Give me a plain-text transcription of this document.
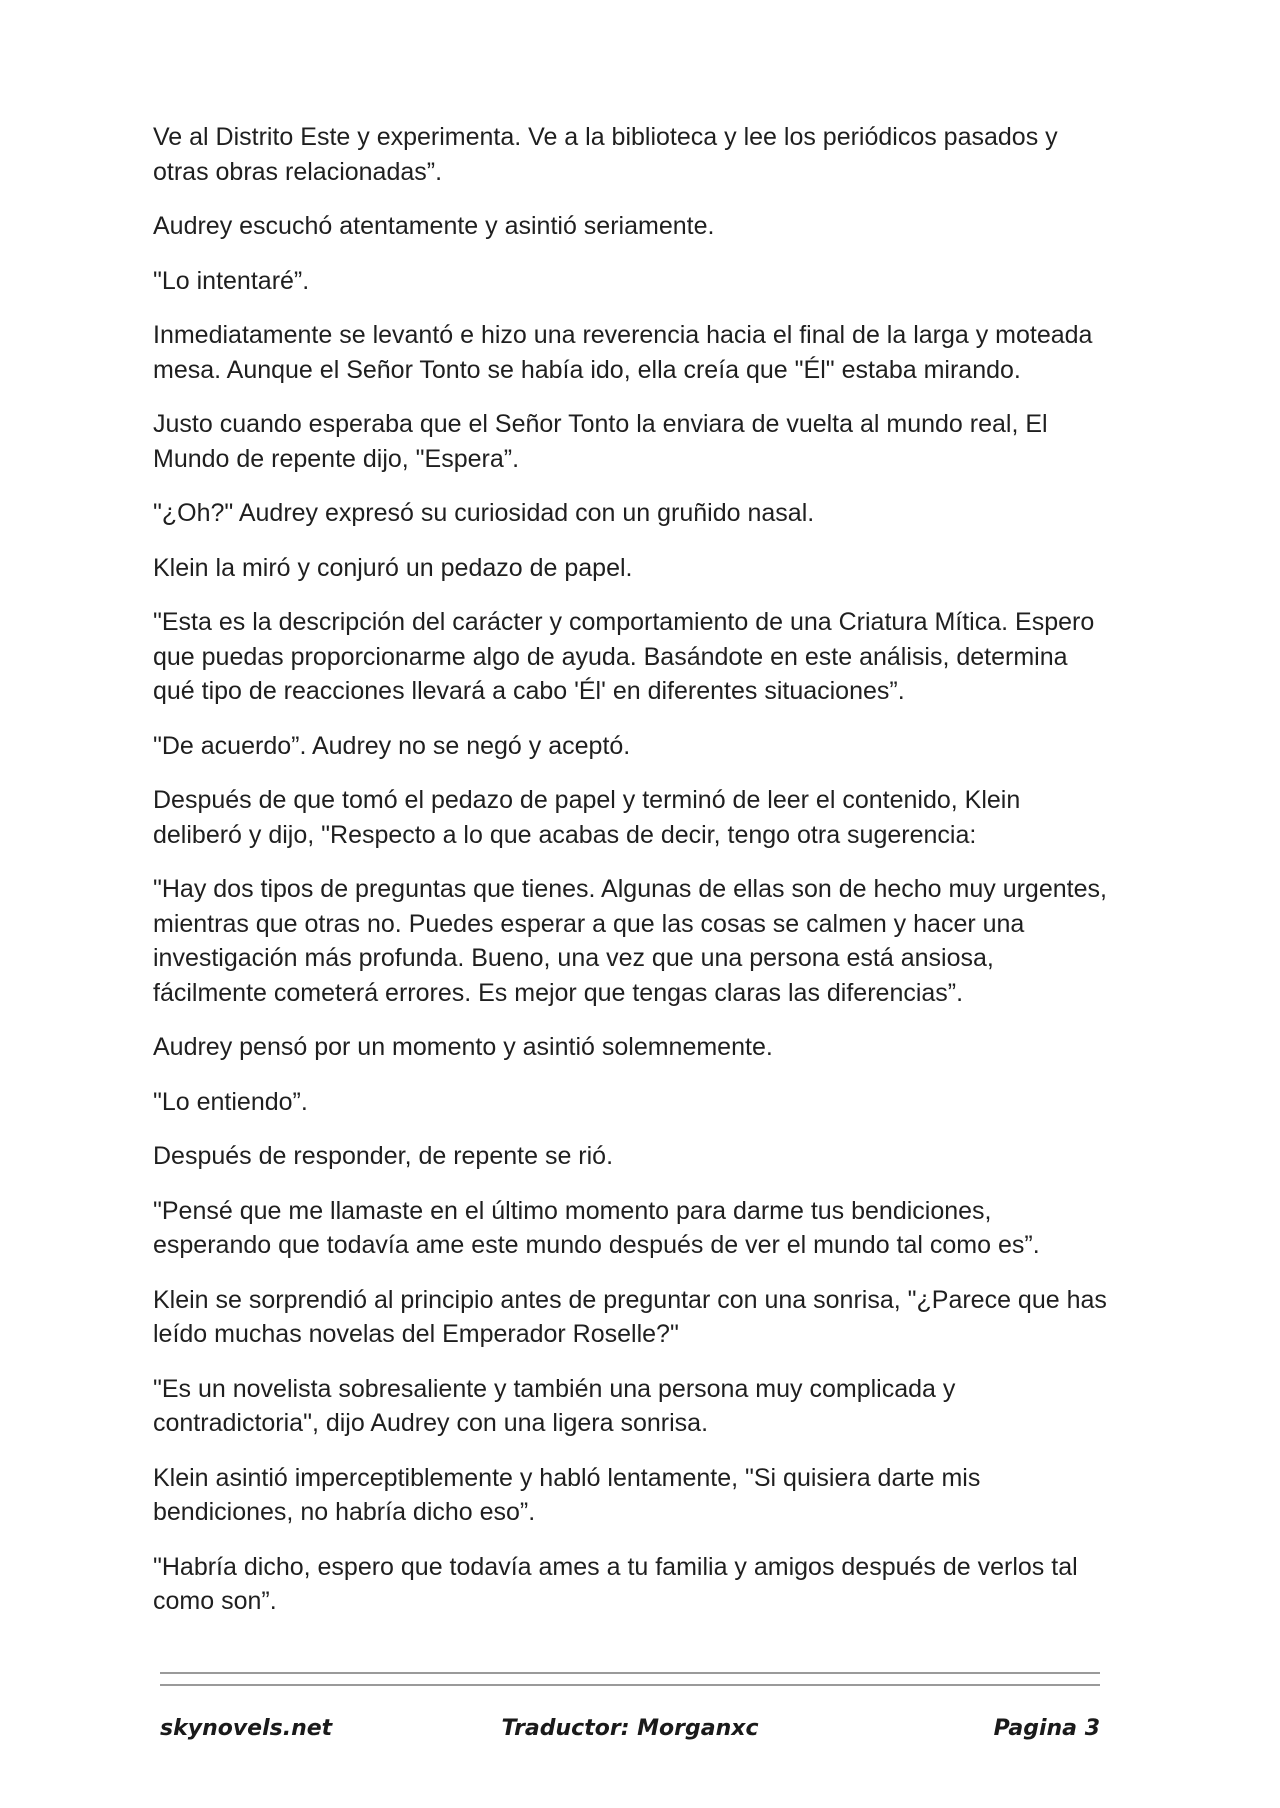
Ve al Distrito Este y experimenta. Ve a la biblioteca y lee los periódicos pasados y otras obras relacionadas”.

Audrey escuchó atentamente y asintió seriamente.

"Lo intentaré”.

Inmediatamente se levantó e hizo una reverencia hacia el final de la larga y moteada mesa. Aunque el Señor Tonto se había ido, ella creía que "Él" estaba mirando.

Justo cuando esperaba que el Señor Tonto la enviara de vuelta al mundo real, El Mundo de repente dijo, "Espera”.

"¿Oh?" Audrey expresó su curiosidad con un gruñido nasal.

Klein la miró y conjuró un pedazo de papel.

"Esta es la descripción del carácter y comportamiento de una Criatura Mítica. Espero que puedas proporcionarme algo de ayuda. Basándote en este análisis, determina qué tipo de reacciones llevará a cabo 'Él' en diferentes situaciones”.

"De acuerdo”. Audrey no se negó y aceptó.

Después de que tomó el pedazo de papel y terminó de leer el contenido, Klein deliberó y dijo, "Respecto a lo que acabas de decir, tengo otra sugerencia:

"Hay dos tipos de preguntas que tienes. Algunas de ellas son de hecho muy urgentes, mientras que otras no. Puedes esperar a que las cosas se calmen y hacer una investigación más profunda. Bueno, una vez que una persona está ansiosa, fácilmente cometerá errores. Es mejor que tengas claras las diferencias”.

Audrey pensó por un momento y asintió solemnemente.

"Lo entiendo”.

Después de responder, de repente se rió.

"Pensé que me llamaste en el último momento para darme tus bendiciones, esperando que todavía ame este mundo después de ver el mundo tal como es”.

Klein se sorprendió al principio antes de preguntar con una sonrisa, "¿Parece que has leído muchas novelas del Emperador Roselle?"

"Es un novelista sobresaliente y también una persona muy complicada y contradictoria", dijo Audrey con una ligera sonrisa.

Klein asintió imperceptiblemente y habló lentamente, "Si quisiera darte mis bendiciones, no habría dicho eso”.

"Habría dicho, espero que todavía ames a tu familia y amigos después de verlos tal como son”.

skynovels.net	Traductor: Morganxc	Pagina 3
